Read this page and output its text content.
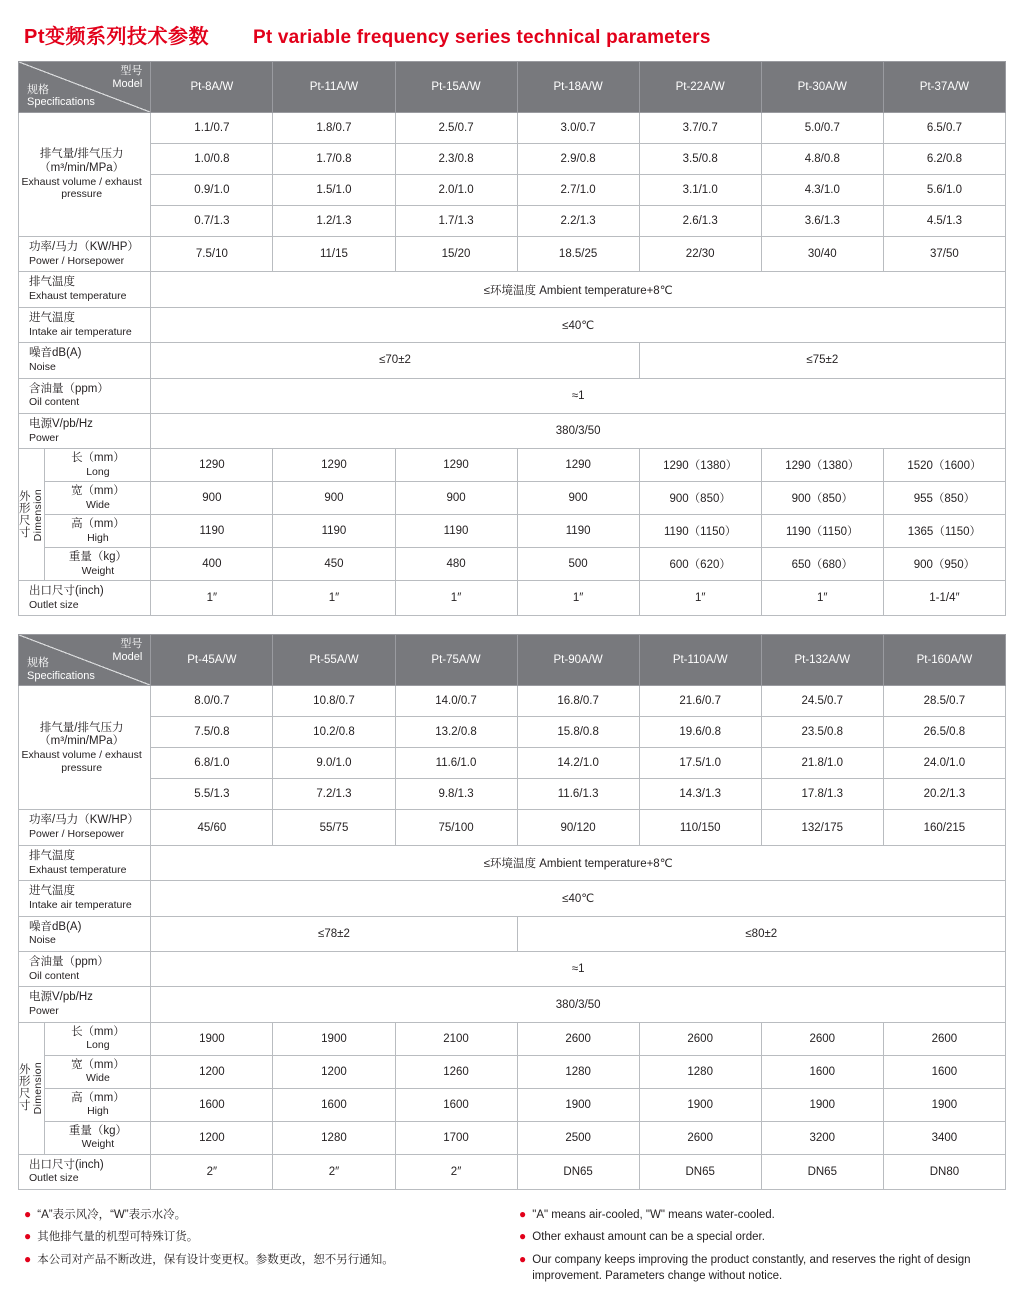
Pt变频系列技术参数 Pt variable frequency series technical parameters
型号
Model
规格
Specifications		Pt-8A/W	Pt-11A/W	Pt-15A/W	Pt-18A/W	Pt-22A/W	Pt-30A/W	Pt-37A/W

排气量/排气压力
（m³/min/MPa）
Exhaust volume / exhaust pressure		1.1/0.7	1.8/0.7	2.5/0.7	3.0/0.7	3.7/0.7	5.0/0.7	6.5/0.7
		1.0/0.8	1.7/0.8	2.3/0.8	2.9/0.8	3.5/0.8	4.8/0.8	6.2/0.8
		0.9/1.0	1.5/1.0	2.0/1.0	2.7/1.0	3.1/1.0	4.3/1.0	5.6/1.0
		0.7/1.3	1.2/1.3	1.7/1.3	2.2/1.3	2.6/1.3	3.6/1.3	4.5/1.3

功率/马力（KW/HP）
Power / Horsepower		7.5/10	11/15	15/20	18.5/25	22/30	30/40	37/50

排气温度
Exhaust temperature		≤环境温度 Ambient temperature+8℃						

进气温度
Intake air temperature		≤40℃						

噪音dB(A)
Noise		≤70±2				≤75±2		

含油量（ppm）
Oil content		≈1						

电源V/pb/Hz
Power		380/3/50						

外形尺寸 Dimension

长（mm）
Long
	1290	1290	1290	1290	1290（1380）	1290（1380）	1520（1600）

	宽（mm）
Wide	900	900	900	900	900（850）	900（850）	955（850）

	高（mm）
High	1190	1190	1190	1190	1190（1150）	1190（1150）	1365（1150）

	重量（kg）
Weight	400	450	480	500	600（620）	650（680）	900（950）

出口尺寸(inch)
Outlet size		1″	1″	1″	1″	1″	1″	1-1/4″
型号
Model
规格
Specifications		Pt-45A/W	Pt-55A/W	Pt-75A/W	Pt-90A/W	Pt-110A/W	Pt-132A/W	Pt-160A/W

排气量/排气压力
（m³/min/MPa）
Exhaust volume / exhaust pressure		8.0/0.7	10.8/0.7	14.0/0.7	16.8/0.7	21.6/0.7	24.5/0.7	28.5/0.7
		7.5/0.8	10.2/0.8	13.2/0.8	15.8/0.8	19.6/0.8	23.5/0.8	26.5/0.8
		6.8/1.0	9.0/1.0	11.6/1.0	14.2/1.0	17.5/1.0	21.8/1.0	24.0/1.0
		5.5/1.3	7.2/1.3	9.8/1.3	11.6/1.3	14.3/1.3	17.8/1.3	20.2/1.3

功率/马力（KW/HP）
Power / Horsepower		45/60	55/75	75/100	90/120	110/150	132/175	160/215

排气温度
Exhaust temperature		≤环境温度 Ambient temperature+8℃						

进气温度
Intake air temperature		≤40℃						

噪音dB(A)
Noise		≤78±2			≤80±2			

含油量（ppm）
Oil content		≈1						

电源V/pb/Hz
Power		380/3/50						

外形尺寸 Dimension

长（mm）
Long
	1900	1900	2100	2600	2600	2600	2600

	宽（mm）
Wide	1200	1200	1260	1280	1280	1600	1600

	高（mm）
High	1600	1600	1600	1900	1900	1900	1900

	重量（kg）
Weight	1200	1280	1700	2500	2600	3200	3400

出口尺寸(inch)
Outlet size		2″	2″	2″	DN65	DN65	DN65	DN80
● “A”表示风冷，“W”表示水冷。
● 其他排气量的机型可特殊订货。
● 本公司对产品不断改进，保有设计变更权。参数更改，恕不另行通知。
● "A" means air-cooled, "W" means water-cooled.
● Other exhaust amount can be a special order.
● Our company keeps improving the product constantly, and reserves the right of design improvement. Parameters change without notice.
